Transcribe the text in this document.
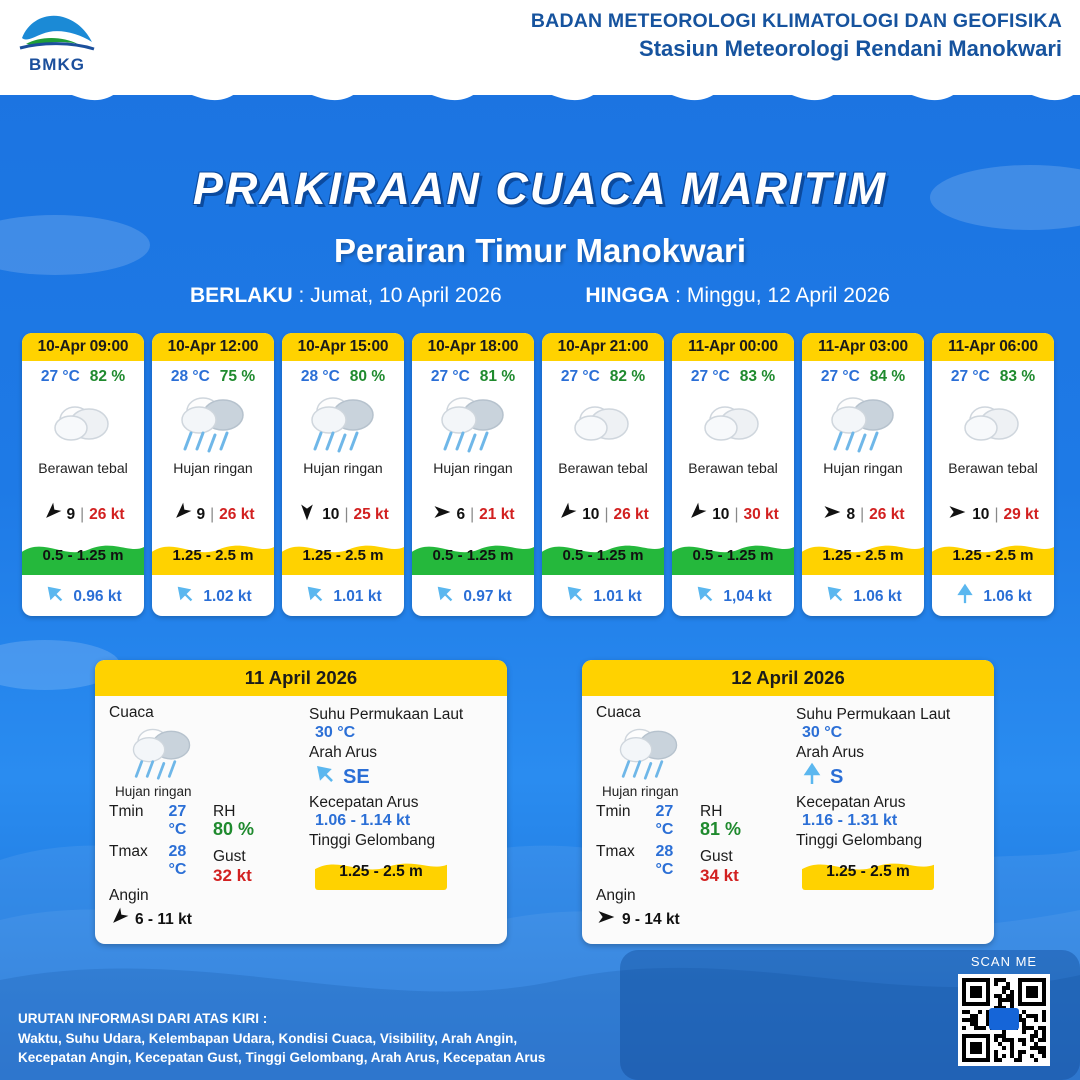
BMKG
BADAN METEOROLOGI KLIMATOLOGI DAN GEOFISIKA
Stasiun Meteorologi Rendani Manokwari
PRAKIRAAN CUACA MARITIM
Perairan Timur Manokwari
BERLAKU : Jumat, 10 April 2026	HINGGA : Minggu, 12 April 2026
10-Apr 09:00
27 °C 82 %
Berawan tebal
9 | 26 kt
0.5 - 1.25 m
0.96 kt
10-Apr 12:00
28 °C 75 %
Hujan ringan
9 | 26 kt
1.25 - 2.5 m
1.02 kt
10-Apr 15:00
28 °C 80 %
Hujan ringan
10 | 25 kt
1.25 - 2.5 m
1.01 kt
10-Apr 18:00
27 °C 81 %
Hujan ringan
6 | 21 kt
0.5 - 1.25 m
0.97 kt
10-Apr 21:00
27 °C 82 %
Berawan tebal
10 | 26 kt
0.5 - 1.25 m
1.01 kt
11-Apr 00:00
27 °C 83 %
Berawan tebal
10 | 30 kt
0.5 - 1.25 m
1,04 kt
11-Apr 03:00
27 °C 84 %
Hujan ringan
8 | 26 kt
1.25 - 2.5 m
1.06 kt
11-Apr 06:00
27 °C 83 %
Berawan tebal
10 | 29 kt
1.25 - 2.5 m
1.06 kt
11 April 2026
Cuaca
Hujan ringan
Tmin	27 °C
Tmax	28 °C
Angin
6 - 11 kt
RH
80 %
Gust
32 kt
Suhu Permukaan Laut
30 °C
Arah Arus
SE
Kecepatan Arus
1.06 - 1.14 kt
Tinggi Gelombang
1.25 - 2.5 m
12 April 2026
Cuaca
Hujan ringan
Tmin	27 °C
Tmax	28 °C
Angin
9 - 14 kt
RH
81 %
Gust
34 kt
Suhu Permukaan Laut
30 °C
Arah Arus
S
Kecepatan Arus
1.16 - 1.31 kt
Tinggi Gelombang
1.25 - 2.5 m
URUTAN INFORMASI DARI ATAS KIRI :
Waktu, Suhu Udara, Kelembapan Udara, Kondisi Cuaca, Visibility, Arah Angin,
Kecepatan Angin, Kecepatan Gust, Tinggi Gelombang, Arah Arus, Kecepatan Arus
SCAN ME
